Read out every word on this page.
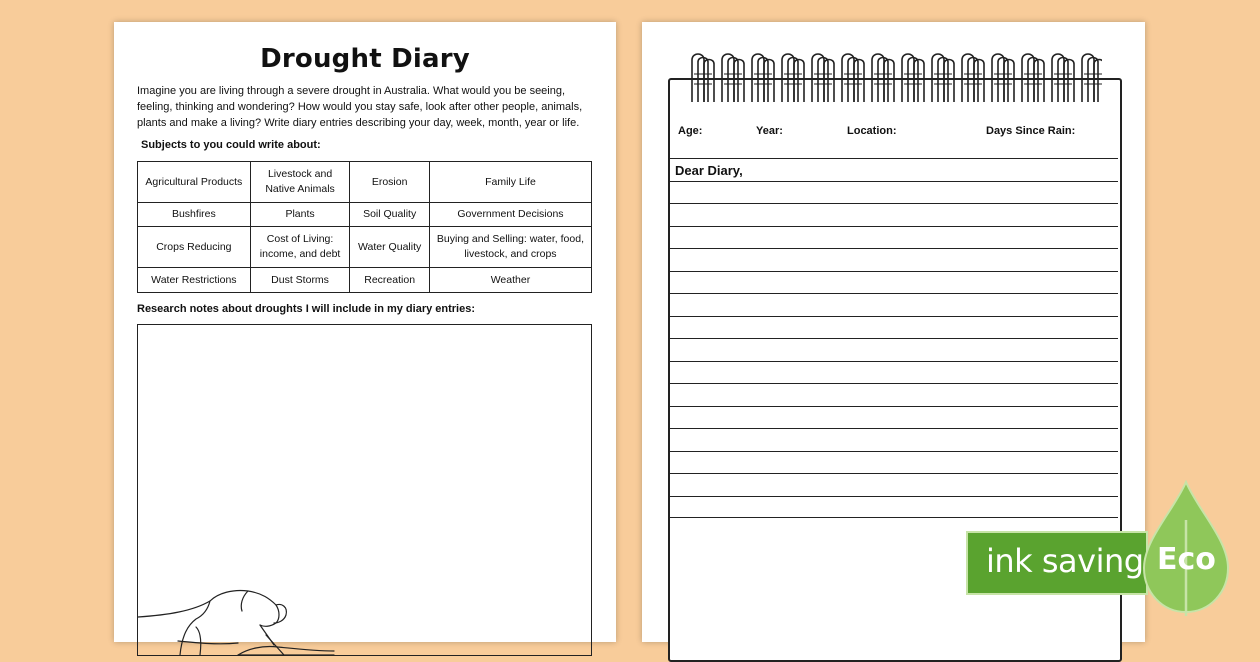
Drought Diary
Imagine you are living through a severe drought in Australia. What would you be seeing, feeling, thinking and wondering? How would you stay safe, look after other people, animals, plants and make a living? Write diary entries describing your day, week, month, year or life.
Subjects to you could write about:
Agricultural Products	Livestock and Native Animals	Erosion	Family Life
Bushfires	Plants	Soil Quality	Government Decisions
Crops Reducing	Cost of Living: income, and debt	Water Quality	Buying and Selling: water, food, livestock, and crops
Water Restrictions	Dust Storms	Recreation	Weather
Research notes about droughts I will include in my diary entries:
Age:	Year:	Location:	Days Since Rain:
Dear Diary,
ink saving Eco
